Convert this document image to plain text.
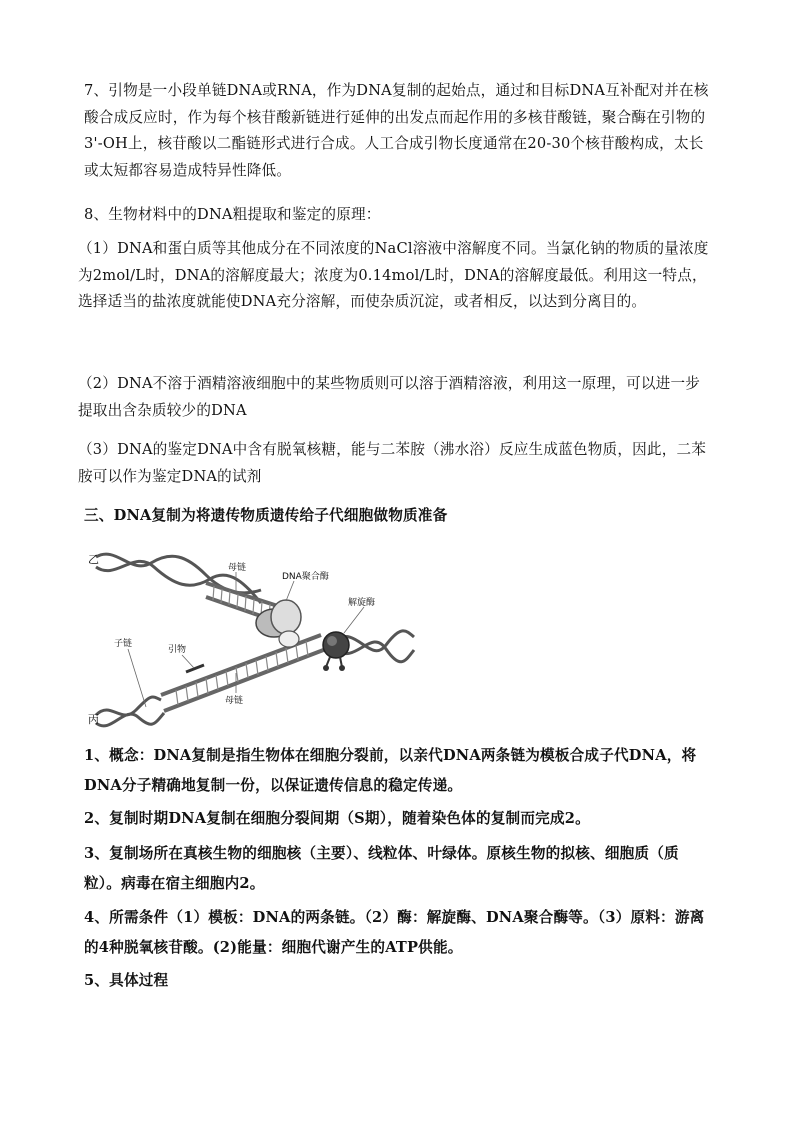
7、引物是一小段单链DNA或RNA，作为DNA复制的起始点，通过和目标DNA互补配对并在核酸合成反应时，作为每个核苷酸新链进行延伸的出发点而起作用的多核苷酸链，聚合酶在引物的3'-OH上，核苷酸以二酯链形式进行合成。人工合成引物长度通常在20-30个核苷酸构成，太长或太短都容易造成特异性降低。

8、生物材料中的DNA粗提取和鉴定的原理：

（1）DNA和蛋白质等其他成分在不同浓度的NaCl溶液中溶解度不同。当氯化钠的物质的量浓度为2mol/L时，DNA的溶解度最大；浓度为0.14mol/L时，DNA的溶解度最低。利用这一特点，选择适当的盐浓度就能使DNA充分溶解，而使杂质沉淀，或者相反，以达到分离目的。

（2）DNA不溶于酒精溶液细胞中的某些物质则可以溶于酒精溶液，利用这一原理，可以进一步提取出含杂质较少的DNA

（3）DNA的鉴定DNA中含有脱氧核糖，能与二苯胺（沸水浴）反应生成蓝色物质，因此，二苯胺可以作为鉴定DNA的试剂

三、DNA复制为将遗传物质遗传给子代细胞做物质准备

乙
丙
母链
DNA聚合酶
解旋酶
子链
引物
母链

1、概念：DNA复制是指生物体在细胞分裂前，以亲代DNA两条链为模板合成子代DNA，将DNA分子精确地复制一份，以保证遗传信息的稳定传递。

2、复制时期DNA复制在细胞分裂间期（S期），随着染色体的复制而完成2。

3、复制场所在真核生物的细胞核（主要）、线粒体、叶绿体。原核生物的拟核、细胞质（质粒）。病毒在宿主细胞内2。

4、所需条件（1）模板：DNA的两条链。（2）酶：解旋酶、DNA聚合酶等。（3）原料：游离的4种脱氧核苷酸。(2)能量：细胞代谢产生的ATP供能。

5、具体过程
